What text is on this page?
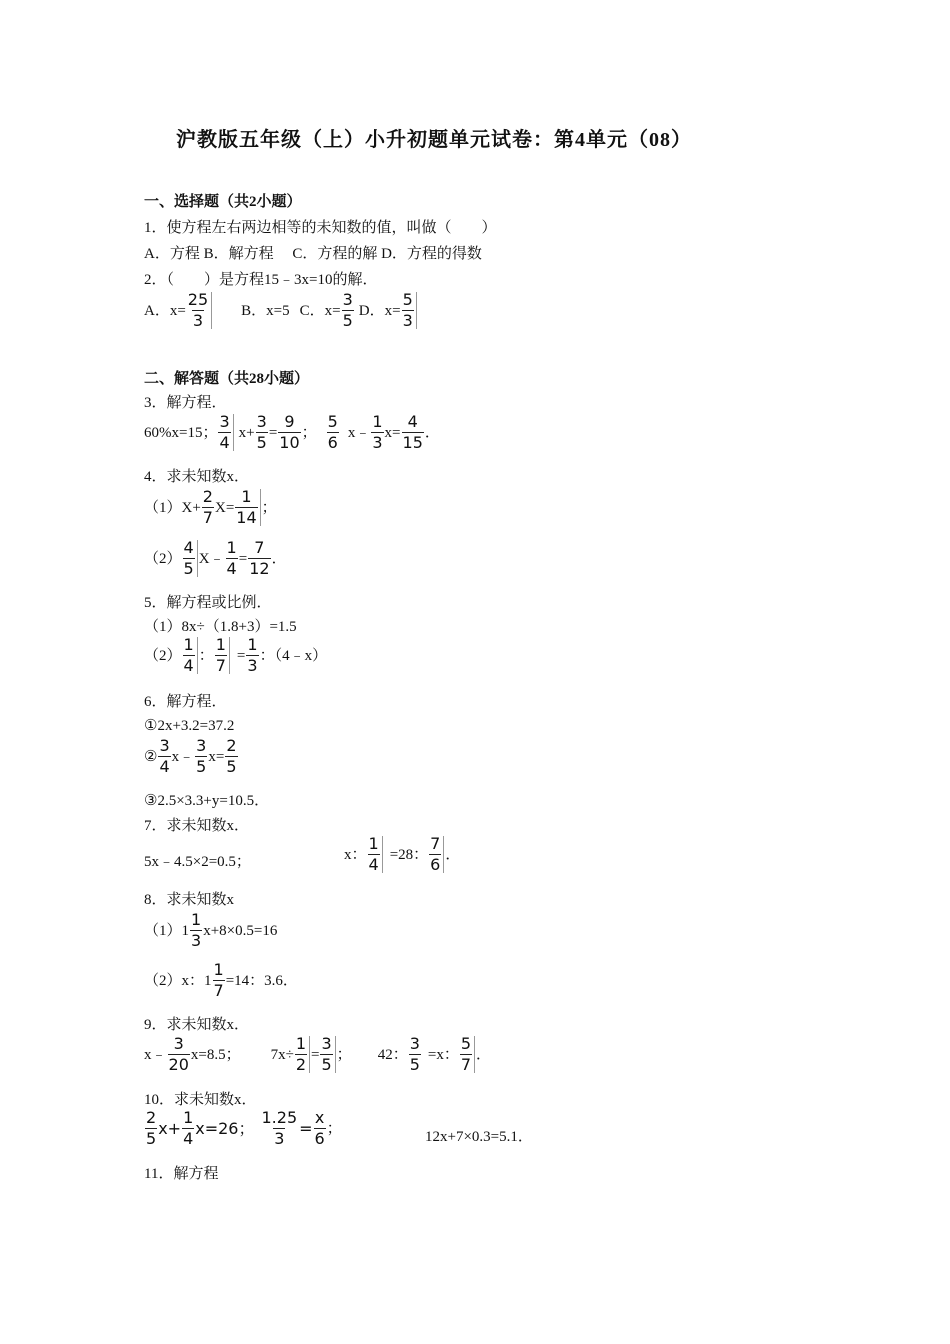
沪教版五年级（上）小升初题单元试卷：第4单元（08）
一、选择题（共2小题）
1．使方程左右两边相等的未知数的值，叫做（　　）
A．方程 B．解方程　 C．方程的解 D．方程的得数
2．（　　）是方程15﹣3x=10的解．
A．$x= \frac{25}{3}$ B．x=5 C．$x= \frac{3}{5}$ D．$x= \frac{5}{3}$
二、解答题（共28小题）
3．解方程．
60%x=15； $\frac{3}{4} x+ \frac{3}{5} = \frac{9}{10}$ ； $\frac{5}{6}$ x﹣ $\frac{1}{3} x= \frac{4}{15}$ ．
4．求未知数x．
$(1)X+ \frac{2}{7} X= \frac{1}{14}$ ；
$(2) \frac{4}{5}$ X﹣ $\frac{1}{4} = \frac{7}{12}$ ．
5．解方程或比例．
（1）8x÷（1.8+3）=1.5
$(2) \frac{1}{4}$ ： $\frac{1}{7} = \frac{1}{3}$ ：（4﹣x）
6．解方程．
①2x+3.2=37.2
② $\frac{3}{4}$ x﹣ $\frac{3}{5} x= \frac{2}{5}$
③2.5×3.3+y=10.5．
7．求未知数x．
5x﹣4.5×2=0.5；	x： $\frac{1}{4} =28$： $\frac{7}{6}$ ．
8．求未知数x
$(1)1 \frac{1}{3} x+8\times 0.5=16$
（2）x：$1 \frac{1}{7} =14$：3.6．
9．求未知数x．
x﹣ $\frac{3}{20} x=8.5$； $7x\div \frac{1}{2} = \frac{3}{5}$ ； 42： $\frac{3}{5} =x$： $\frac{5}{7}$ ．
10．求未知数x．
$\frac{2}{5} x+ \frac{1}{4} x=26$； $\frac{1.25}{3} = \frac{x}{6}$ ；
12x+7×0.3=5.1．
11．解方程
